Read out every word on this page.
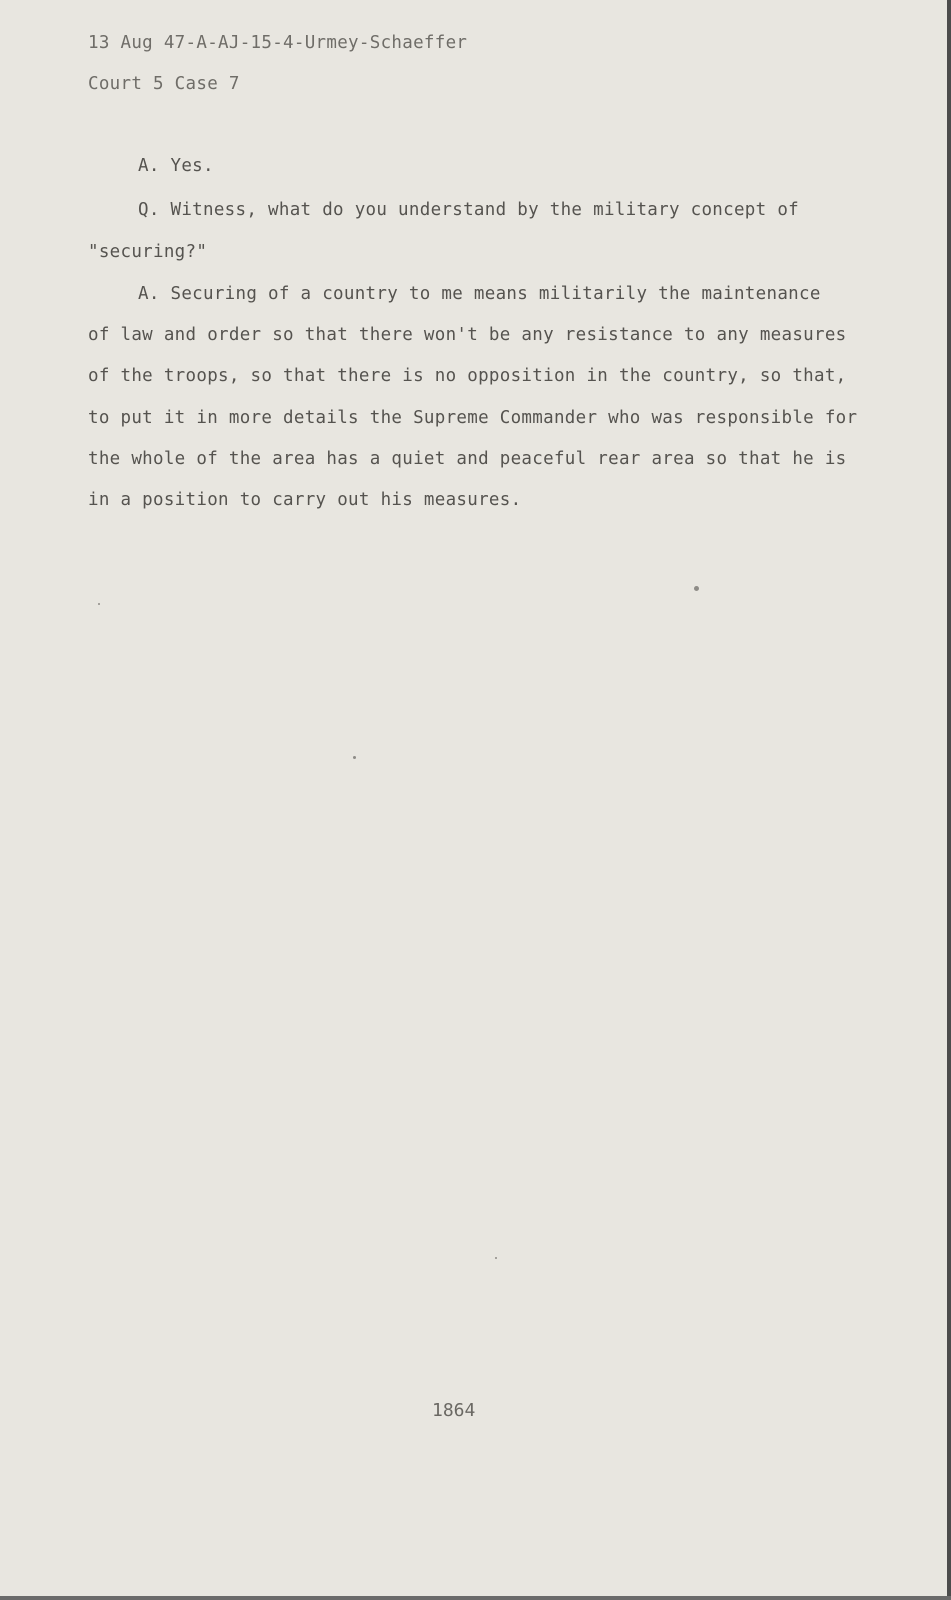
13 Aug 47-A-AJ-15-4-Urmey-Schaeffer
Court 5 Case 7
A. Yes.
Q. Witness, what do you understand by the military concept of
"securing?"
A. Securing of a country to me means militarily the maintenance
of law and order so that there won't be any resistance to any measures
of the troops, so that there is no opposition in the country, so that,
to put it in more details the Supreme Commander who was responsible for
the whole of the area has a quiet and peaceful rear area so that he is
in a position to carry out his measures.
1864
